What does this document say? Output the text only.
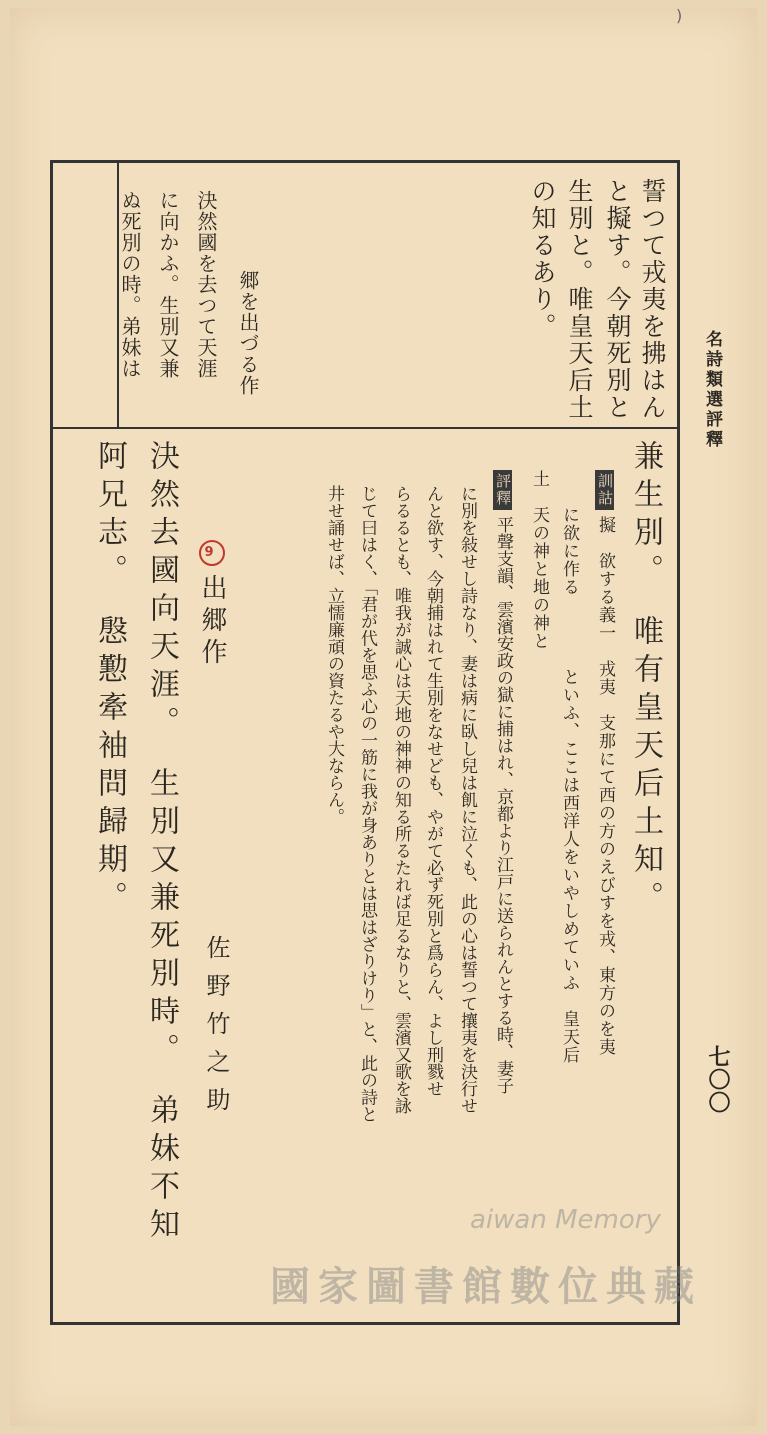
)
名詩類選評釋
七〇〇
誓つて戎夷を拂はん
と擬す。今朝死別と
生別と。唯皇天后土
の知るあり。
郷を出づる作
決然國を去つて天涯
に向かふ。生別又兼
ぬ死別の時。弟妹は
兼生別。　唯有皇天后土知。
訓詁擬　欲する義一　戎夷　支那にて西の方のえびすを戎、東方のを夷
　　に欲に作る　　　　といふ、ここは西洋人をいやしめていふ　皇天后
土　天の神と地の神と
評釋平聲支韻、雲濱安政の獄に捕はれ、京都より江戸に送られんとする時、妻子
に別を敍せし詩なり、妻は病に臥し兒は飢に泣くも、此の心は誓つて攘夷を決行せ
んと欲す、今朝捕はれて生別をなせども、やがて必ず死別と爲らん、よし刑戮せ
らるるとも、唯我が誠心は天地の神神の知る所るたれば足るなりと、雲濱又歌を詠
じて曰はく、「君が代を思ふ心の一筋に我が身ありとは思はざりけり」と、此の詩と
井せ誦せば、立懦廉頑の資たるや大ならん。
9出郷作
佐野竹之助
決然去國向天涯。　生別又兼死別時。　弟妹不知
阿兄志。　慇懃牽袖問歸期。
aiwan Memory
國家圖書館數位典藏
